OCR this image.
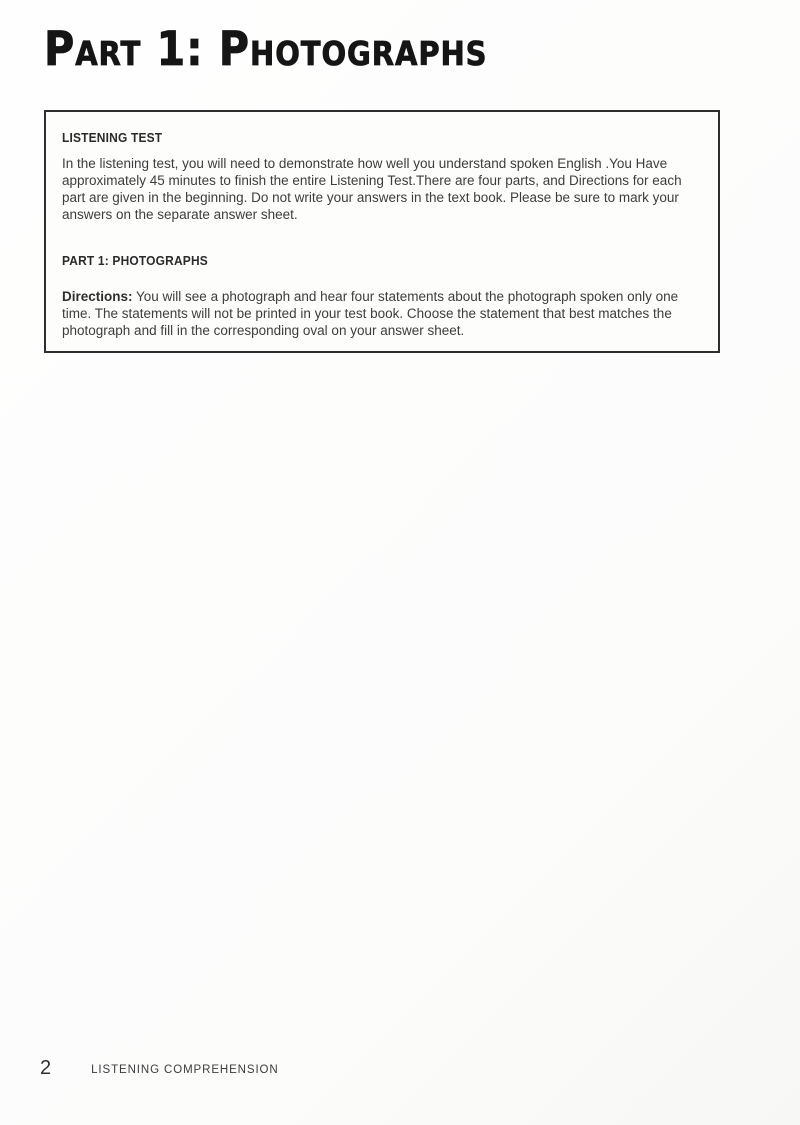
Part 1: Photographs
LISTENING TEST

In the listening test, you will need to demonstrate how well you understand spoken English .You Have approximately 45 minutes to finish the entire Listening Test.There are four parts, and Directions for each part are given in the beginning. Do not write your answers in the text book. Please be sure to mark your answers on the separate answer sheet.

PART 1: PHOTOGRAPHS

Directions: You will see a photograph and hear four statements about the photograph spoken only one time. The statements will not be printed in your test book. Choose the statement that best matches the photograph and fill in the corresponding oval on your answer sheet.

2	LISTENING COMPREHENSION
